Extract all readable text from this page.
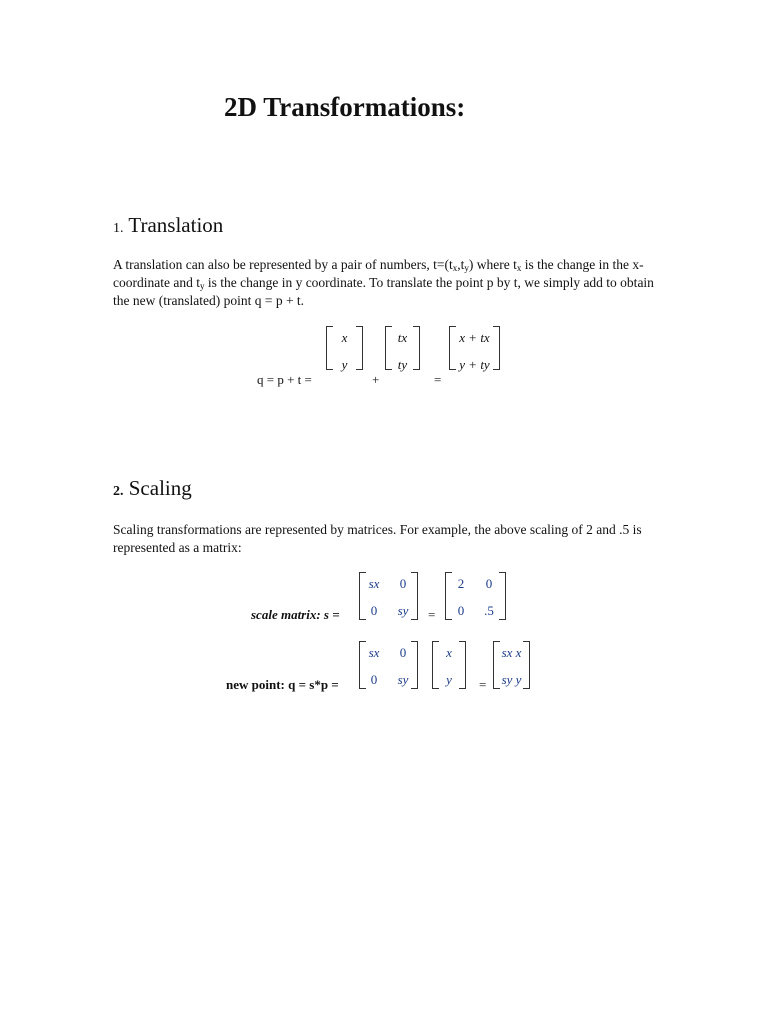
2D Transformations:
1. Translation
A translation can also be represented by a pair of numbers, $t=(t_x,t_y)$ where $t_x$ is the change in the x-coordinate and $t_y$ is the change in y coordinate. To translate the point p by t, we simply add to obtain the new (translated) point q = p + t.
q = p + t =
x
y
+
tx
ty
=
x + tx
y + ty
2. Scaling
Scaling transformations are represented by matrices. For example, the above scaling of 2 and .5 is represented as a matrix:
scale matrix: s =
sx	0
0	sy	=
2	0
0	.5
new point: q = s*p =
sx	0
0	sy
x
y	=
sx x
sy y
